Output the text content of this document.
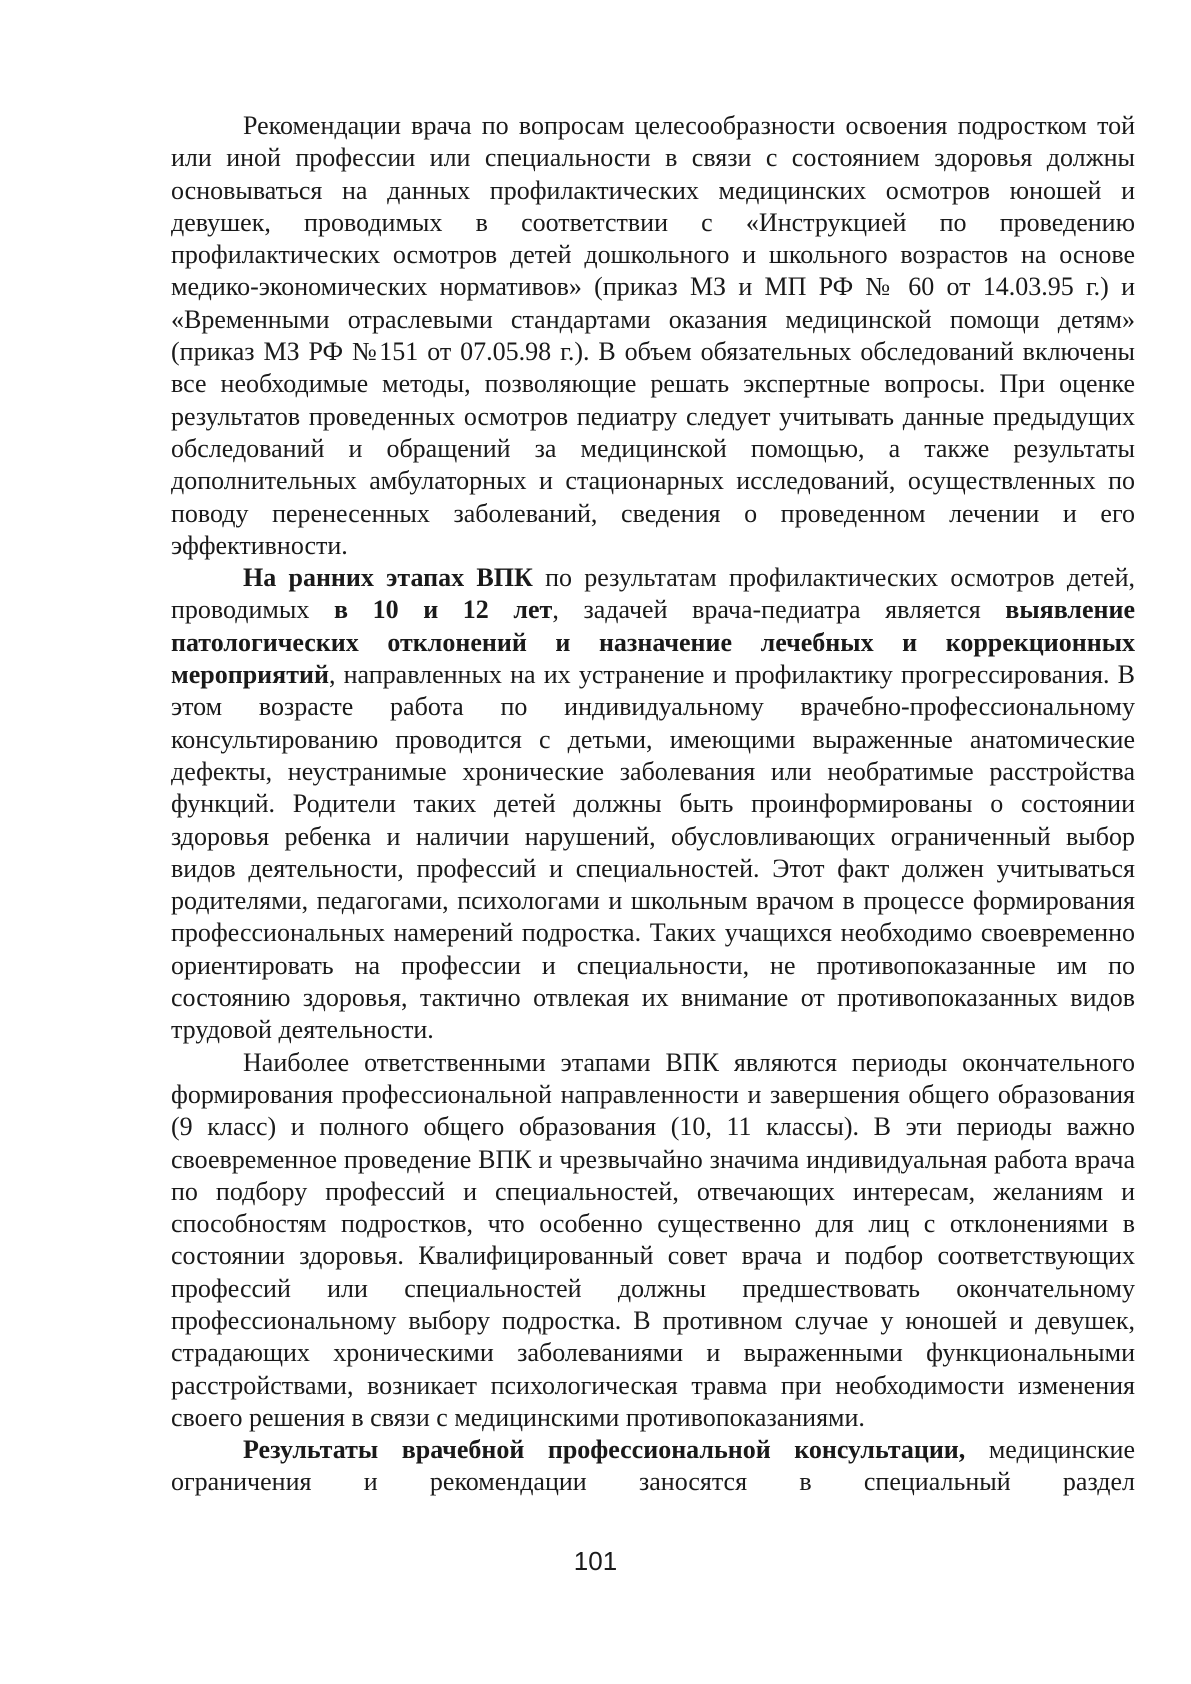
Рекомендации врача по вопросам целесообразности освоения подростком той или иной профессии или специальности в связи с состоянием здоровья должны основываться на данных профилактических медицинских осмотров юношей и девушек, проводимых в соответствии с «Инструкцией по проведению профилактических осмотров детей дошкольного и школьного возрастов на основе медико-экономических нормативов» (приказ МЗ и МП РФ № 60 от 14.03.95 г.) и «Временными отраслевыми стандартами оказания медицинской помощи детям» (приказ МЗ РФ №151 от 07.05.98 г.). В объем обязательных обследований включены все необходимые методы, позволяющие решать экспертные вопросы. При оценке результатов проведенных осмотров педиатру следует учитывать данные предыдущих обследований и обращений за медицинской помощью, а также результаты дополнительных амбулаторных и стационарных исследований, осуществленных по поводу перенесенных заболеваний, сведения о проведенном лечении и его эффективности.

На ранних этапах ВПК по результатам профилактических осмотров детей, проводимых в 10 и 12 лет, задачей врача-педиатра является выявление патологических отклонений и назначение лечебных и коррекционных мероприятий, направленных на их устранение и профилактику прогрессирования. В этом возрасте работа по индивидуальному врачебно-профессиональному консультированию проводится с детьми, имеющими выраженные анатомические дефекты, неустранимые хронические заболевания или необратимые расстройства функций. Родители таких детей должны быть проинформированы о состоянии здоровья ребенка и наличии нарушений, обусловливающих ограниченный выбор видов деятельности, профессий и специальностей. Этот факт должен учитываться родителями, педагогами, психологами и школьным врачом в процессе формирования профессиональных намерений подростка. Таких учащихся необходимо своевременно ориентировать на профессии и специальности, не противопоказанные им по состоянию здоровья, тактично отвлекая их внимание от противопоказанных видов трудовой деятельности.

Наиболее ответственными этапами ВПК являются периоды окончательного формирования профессиональной направленности и завершения общего образования (9 класс) и полного общего образования (10, 11 классы). В эти периоды важно своевременное проведение ВПК и чрезвычайно значима индивидуальная работа врача по подбору профессий и специальностей, отвечающих интересам, желаниям и способностям подростков, что особенно существенно для лиц с отклонениями в состоянии здоровья. Квалифицированный совет врача и подбор соответствующих профессий или специальностей должны предшествовать окончательному профессиональному выбору подростка. В противном случае у юношей и девушек, страдающих хроническими заболеваниями и выраженными функциональными расстройствами, возникает психологическая травма при необходимости изменения своего решения в связи с медицинскими противопоказаниями.

Результаты врачебной профессиональной консультации, медицинские ограничения и рекомендации заносятся в специальный раздел

101
